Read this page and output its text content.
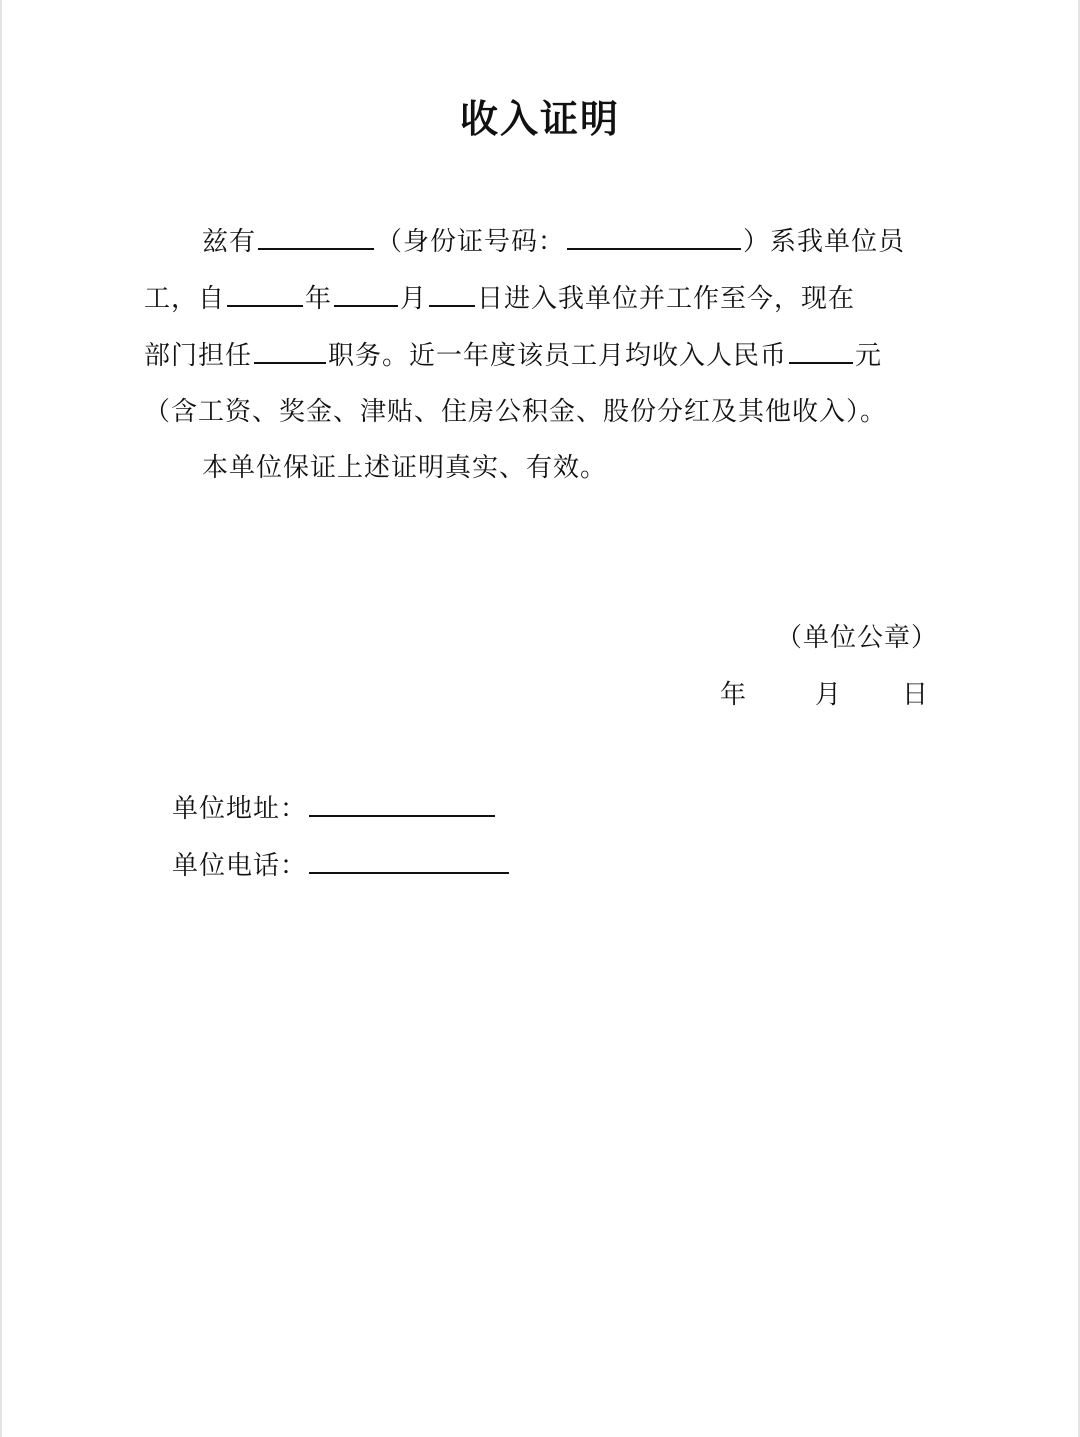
收入证明
兹有	（身份证号码：	）系我单位员
工，自	年	月 日进入我单位并工作至今，现在
部门担任	职务。近一年度该员工月均收入人民币	元
（含工资、奖金、津贴、住房公积金、股份分红及其他收入）。
本单位保证上述证明真实、有效。
（单位公章）
年	月 日
单位地址：
单位电话：
